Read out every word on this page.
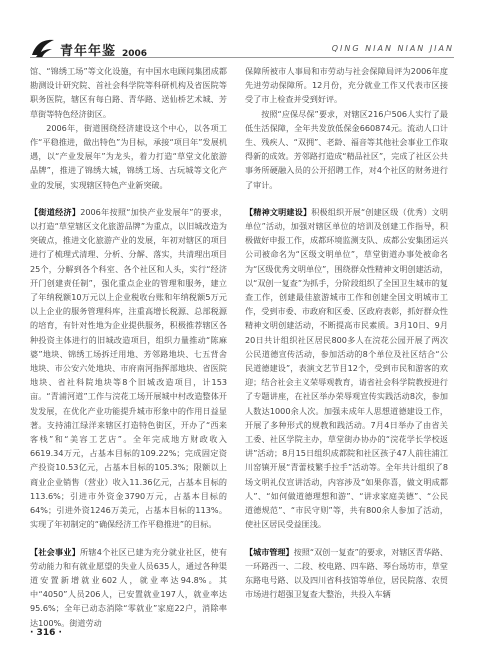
青年年鉴 2006
QING NIAN NIAN JIAN

馆、“锦绣工场”等文化设施，有中国水电顾问集团成都勘测设计研究院、首社会科学院等科研机构及省医院等职务医院，辖区有每白路、青华路、送仙桥艺术城、芳草街等特色经济街区。

2006年，街道围绕经济建设这个中心，以各项工作“平稳推进，做出特色”为目标，承接“项目年”发展机遇，以“产业发展年”为龙头，着力打造“草堂文化旅游品牌”，推进了锦绣大城，锦绣工场、古玩城等文化产业的发展，实现辖区特色产业新突破。

【街道经济】2006年按照“加快产业发展年”的要求，以打造“草堂辖区文化旅游品牌”为重点，以旧城改造为突破点，推进文化旅游产业的发展，年初对辖区的项目进行了梳理式清理、分析、分解、落实，共清理出项目25个，分解到各个科室、各个社区和人头，实行“经济开门创建责任制”，强化重点企业的管理和服务，建立了年纳税额10万元以上企业税收台账和年纳税额5万元以上企业的服务管理科库，注重高增长税源、总部税源的培育，有针对性地为企业提供服务，积极推荐辖区各种投资主体进行的旧城改造项目，组织力量推动“陈麻婆”地块、锦绣工场拆迁用地、芳邻路地块、七五背舍地块、市公安六处地块、市府南河指挥部地块、省医院地块、省社科院地块等8个旧城改造项目，计153亩。“青浦河道”工作与浣花工场开展城中村改造整体开发发展，在优化产业功能提升城市形象中的作用日益显著。支持浦江绿洋来辖区打造特色街区，开办了“西来客栈”和“美容工艺店”。全年完成地方财政收入6619.34万元，占基本目标的109.22%；完成固定资产投资10.53亿元，占基本目标的105.3%；限额以上商业企业销售（营业）收入11.36亿元，占基本目标的113.6%；引进市外资金3790万元，占基本目标的64%；引进外资1246万美元，占基本目标的113%。实现了年初制定的“确保经济工作平稳推进”的目标。

【社会事业】所辖4个社区已建为充分就业社区，使有劳动能力和有就业愿望的失业人员635人，通过各种渠道安置新增就业602人，就业率达94.8%。其中“4050”人员206人，已安置就业197人，就业率达95.6%；全年已动态消除“零就业”家庭22户，消除率达100%。街道劳动

保障所被市人事局和市劳动与社会保障局评为2006年度先进劳动保障所。12月份，充分就业工作又代表市区接受了市上检查并受到好评。

按照“应保尽保”要求，对辖区216户506人实行了最低生活保障，全年共发放低保金660874元。流动人口计生、残疾人、“双拥”、老龄、福音等其他社会事业工作取得新的成效。芳邻路打造成“精品社区”，完成了社区公共事务所硬融入员的公开招聘工作，对4个社区的财务进行了审计。

【精神文明建设】积极组织开展“创建区级（优秀）文明单位”活动，加强对辖区单位的培训及创建工作指导，积极做好申报工作，成都环境监测支队、成都公安集团运兴公司被命名为“区级文明单位”，草堂街道办事处被命名为“区级优秀文明单位”，围绕群众性精神文明创建活动，以“双创一复查”为抓手，分阶段组织了全国卫生城市的复查工作，创建最佳旅游城市工作和创建全国文明城市工作，受到市委、市政府和区委、区政府表彰，抓好群众性精神文明创建活动，不断提高市民素质。3月10日、9月20日共计组织社区居民800多人在浣花公园开展了两次公民道德宣传活动，参加活动的8个单位及社区结合“公民道德建设”，表演文艺节目12个，受到市民和游客的欢迎；结合社会主义荣辱观教育，请省社会科学院教授进行了专题讲座，在社区举办荣辱观宣传实践活动8次，参加人数达1000余人次。加强未成年人思想道德建设工作，开展了多种形式的规教和践活动。7月4日举办了由省关工委、社区学院主办，草堂街办协办的“浣花学长学校返讲”活动；8月15日组织成都院和社区孩子47人前往浦江川窑镇开展“青蕾枝繁手拉手”活动等。全年共计组织了8场文明礼仪宣讲活动，内容涉及“如果你喜，做文明成都人”、“如何做道德理想和游”、“讲求家庭美德”、“公民道德规范”、“市民守则”等，共有800余人参加了活动，使社区居民受益匪浅。

【城市管理】按照“双创一复查”的要求，对辖区青华路、一环路西一、二段、校电路、四车路、琴台场坊市，草堂东路电号路、以及四川省科技馆等单位，居民院落、农贸市场进行超强卫复查大整治，共投入车辆

· 316 ·
